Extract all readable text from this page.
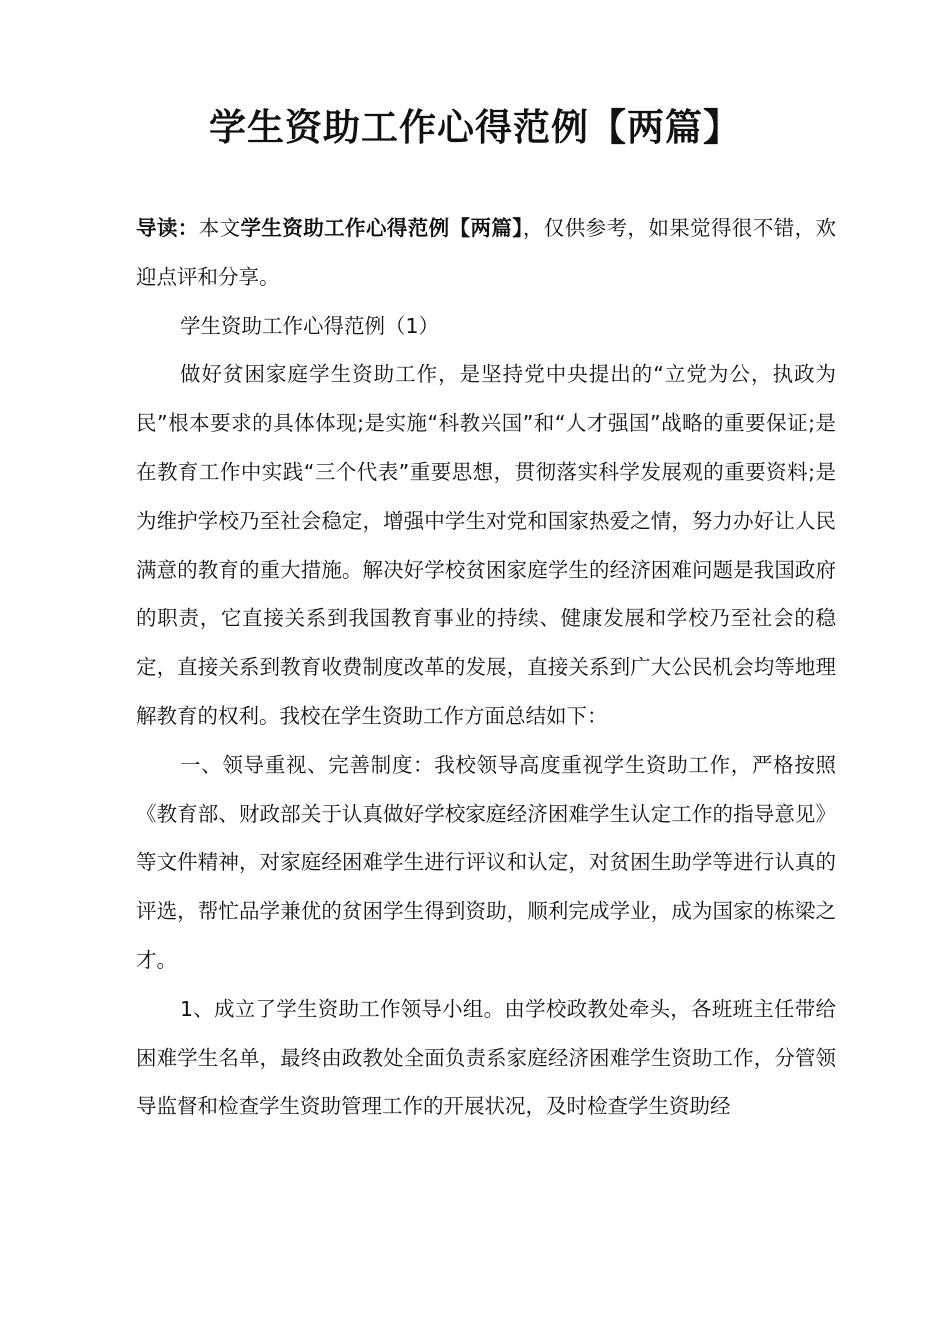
学生资助工作心得范例【两篇】

导读：本文学生资助工作心得范例【两篇】，仅供参考，如果觉得很不错，欢迎点评和分享。

学生资助工作心得范例（1）

做好贫困家庭学生资助工作，是坚持党中央提出的“立党为公，执政为民”根本要求的具体体现;是实施“科教兴国”和“人才强国”战略的重要保证;是在教育工作中实践“三个代表”重要思想，贯彻落实科学发展观的重要资料;是为维护学校乃至社会稳定，增强中学生对党和国家热爱之情，努力办好让人民满意的教育的重大措施。解决好学校贫困家庭学生的经济困难问题是我国政府的职责，它直接关系到我国教育事业的持续、健康发展和学校乃至社会的稳定，直接关系到教育收费制度改革的发展，直接关系到广大公民机会均等地理解教育的权利。我校在学生资助工作方面总结如下：

一、领导重视、完善制度：我校领导高度重视学生资助工作，严格按照《教育部、财政部关于认真做好学校家庭经济困难学生认定工作的指导意见》等文件精神，对家庭经困难学生进行评议和认定，对贫困生助学等进行认真的评选，帮忙品学兼优的贫困学生得到资助，顺利完成学业，成为国家的栋梁之才。

1、成立了学生资助工作领导小组。由学校政教处牵头，各班班主任带给困难学生名单，最终由政教处全面负责系家庭经济困难学生资助工作，分管领导监督和检查学生资助管理工作的开展状况，及时检查学生资助经
